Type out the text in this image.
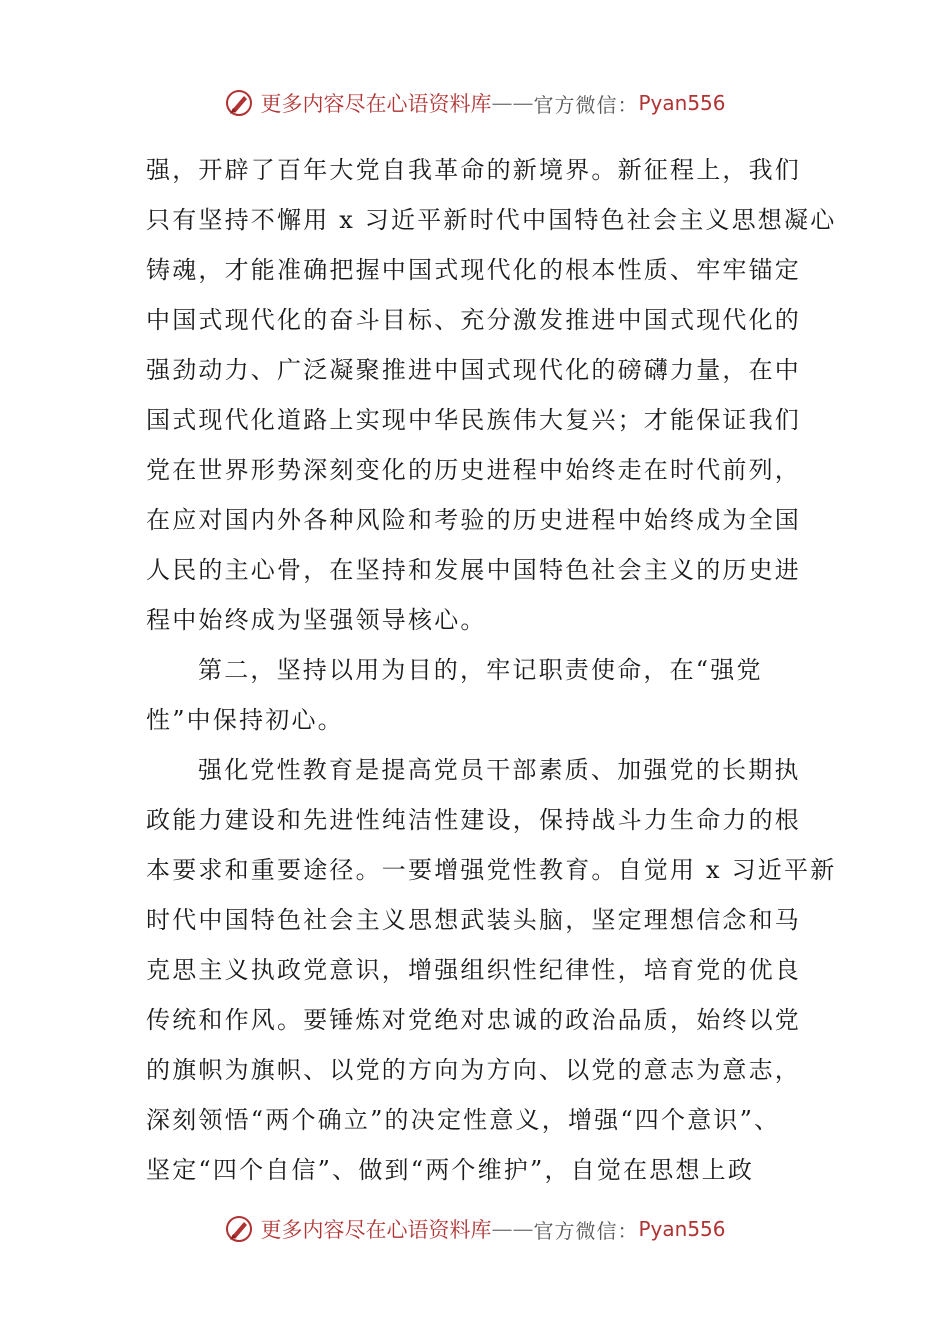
更多内容尽在心语资料库 —— 官方微信： Pyan556
强，开辟了百年大党自我革命的新境界。新征程上，我们
只有坚持不懈用 x 习近平新时代中国特色社会主义思想凝心
铸魂，才能准确把握中国式现代化的根本性质、牢牢锚定
中国式现代化的奋斗目标、充分激发推进中国式现代化的
强劲动力、广泛凝聚推进中国式现代化的磅礴力量，在中
国式现代化道路上实现中华民族伟大复兴；才能保证我们
党在世界形势深刻变化的历史进程中始终走在时代前列，
在应对国内外各种风险和考验的历史进程中始终成为全国
人民的主心骨，在坚持和发展中国特色社会主义的历史进
程中始终成为坚强领导核心。
第二，坚持以用为目的，牢记职责使命，在“强党
性”中保持初心。
强化党性教育是提高党员干部素质、加强党的长期执
政能力建设和先进性纯洁性建设，保持战斗力生命力的根
本要求和重要途径。一要增强党性教育。自觉用 x 习近平新
时代中国特色社会主义思想武装头脑，坚定理想信念和马
克思主义执政党意识，增强组织性纪律性，培育党的优良
传统和作风。要锤炼对党绝对忠诚的政治品质，始终以党
的旗帜为旗帜、以党的方向为方向、以党的意志为意志，
深刻领悟“两个确立”的决定性意义，增强“四个意识”、
坚定“四个自信”、做到“两个维护”，自觉在思想上政
更多内容尽在心语资料库 —— 官方微信： Pyan556
